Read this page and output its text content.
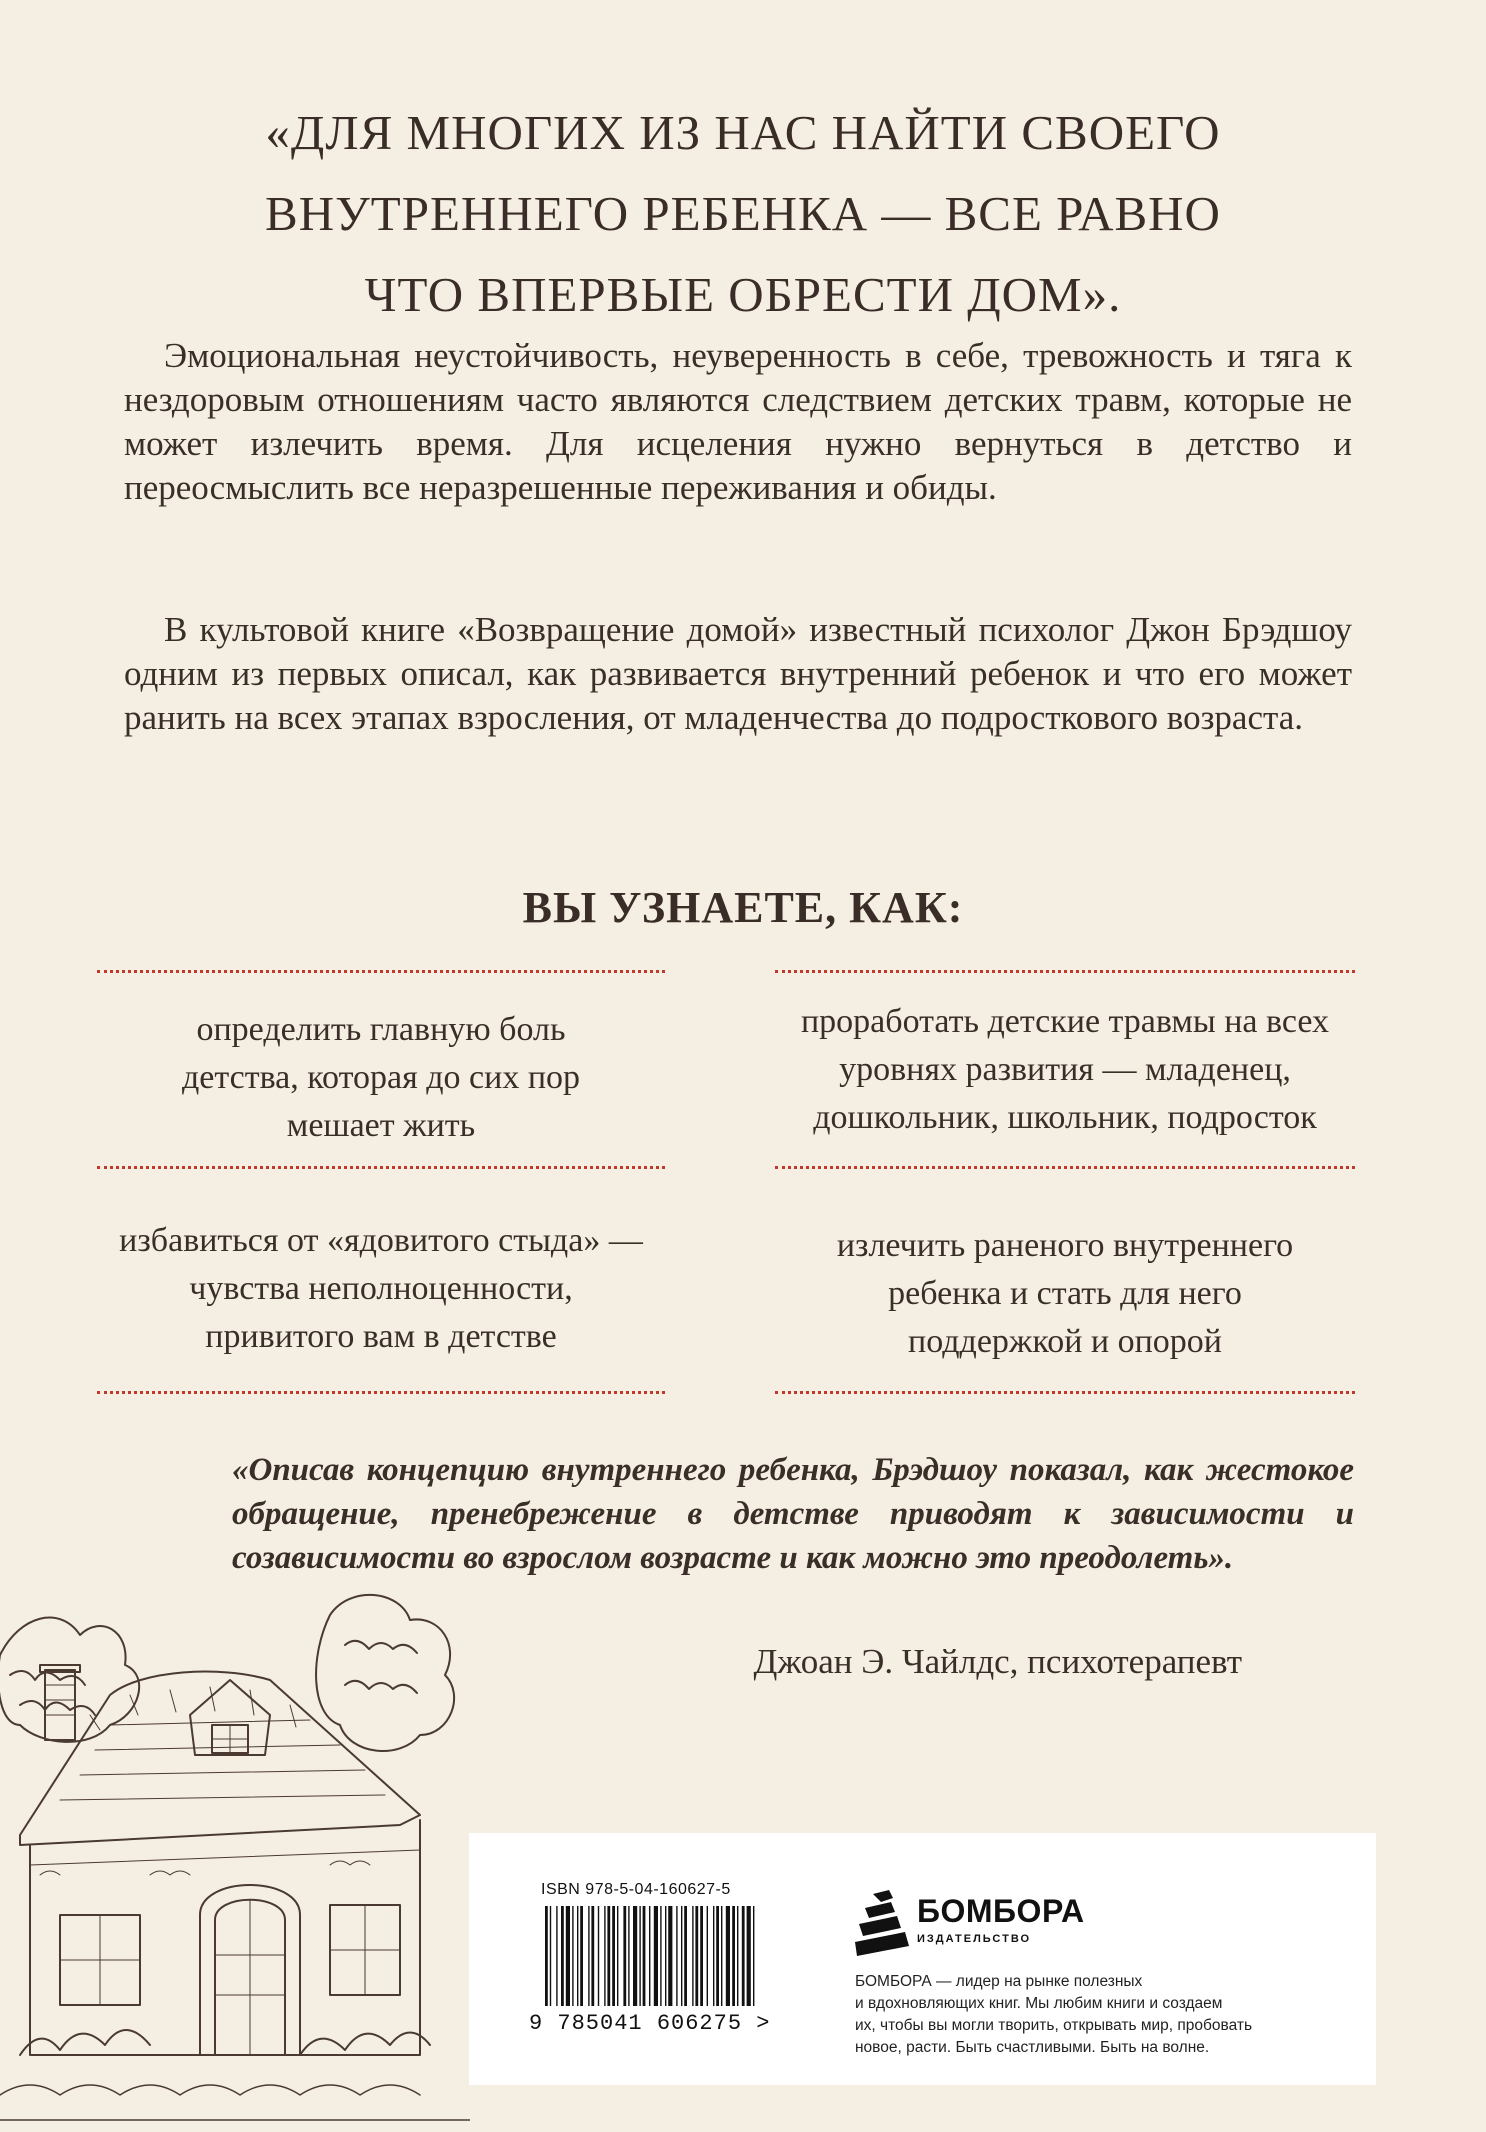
«ДЛЯ МНОГИХ ИЗ НАС НАЙТИ СВОЕГО
ВНУТРЕННЕГО РЕБЕНКА — ВСЕ РАВНО
ЧТО ВПЕРВЫЕ ОБРЕСТИ ДОМ».
Эмоциональная неустойчивость, неуверенность в себе, тревожность и тяга к нездоровым отношениям часто являются следствием детских травм, которые не может излечить время. Для исцеления нужно вернуться в детство и переосмыслить все неразрешенные переживания и обиды.
В культовой книге «Возвращение домой» известный психолог Джон Брэдшоу одним из первых описал, как развивается внутренний ребенок и что его может ранить на всех этапах взросления, от младенчества до подросткового возраста.
ВЫ УЗНАЕТЕ, КАК:
определить главную боль
детства, которая до сих пор
мешает жить
проработать детские травмы на всех
уровнях развития — младенец,
дошкольник, школьник, подросток
избавиться от «ядовитого стыда» —
чувства неполноценности,
привитого вам в детстве
излечить раненого внутреннего
ребенка и стать для него
поддержкой и опорой
«Описав концепцию внутреннего ребенка, Брэдшоу показал, как жестокое обращение, пренебрежение в детстве приводят к зависимости и созависимости во взрослом возрасте и как можно это преодолеть».
Джоан Э. Чайлдс, психотерапевт
ISBN 978-5-04-160627-5
9 785041 606275 >
БОМБОРА
ИЗДАТЕЛЬСТВО
БОМБОРА — лидер на рынке полезных
и вдохновляющих книг. Мы любим книги и создаем
их, чтобы вы могли творить, открывать мир, пробовать
новое, расти. Быть счастливыми. Быть на волне.
